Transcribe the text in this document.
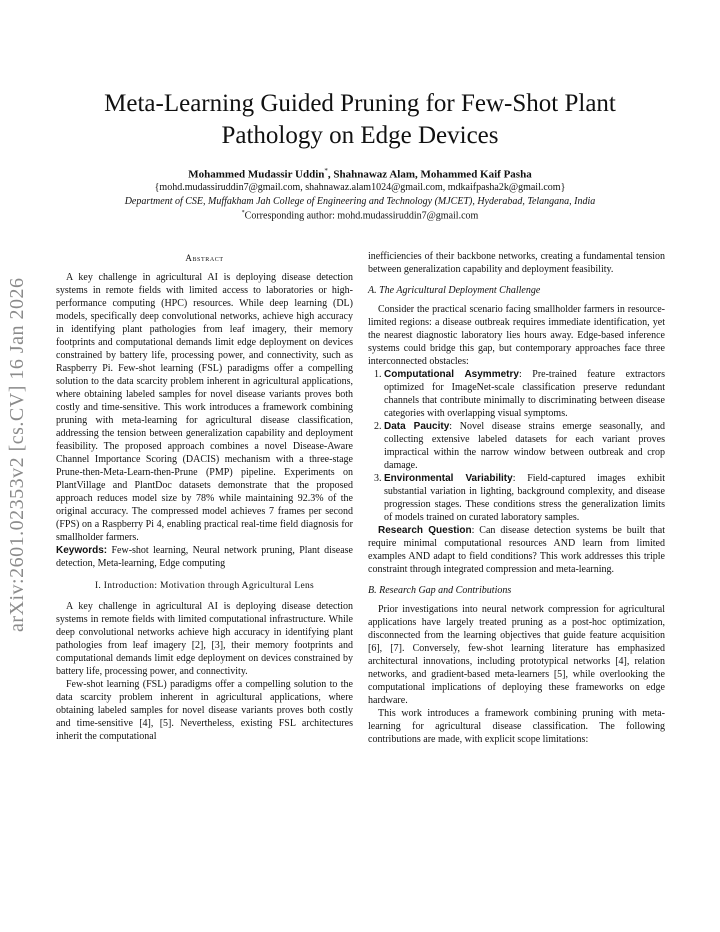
arXiv:2601.02353v2 [cs.CV] 16 Jan 2026
Meta-Learning Guided Pruning for Few-Shot Plant Pathology on Edge Devices
Mohammed Mudassir Uddin*, Shahnawaz Alam, Mohammed Kaif Pasha
{mohd.mudassiruddin7@gmail.com, shahnawaz.alam1024@gmail.com, mdkaifpasha2k@gmail.com}
Department of CSE, Muffakham Jah College of Engineering and Technology (MJCET), Hyderabad, Telangana, India
*Corresponding author: mohd.mudassiruddin7@gmail.com
Abstract

A key challenge in agricultural AI is deploying disease detection systems in remote fields with limited access to laboratories or high-performance computing (HPC) resources. While deep learning (DL) models, specifically deep convolutional networks, achieve high accuracy in identifying plant pathologies from leaf imagery, their memory footprints and computational demands limit edge deployment on devices constrained by battery life, processing power, and connectivity, such as Raspberry Pi. Few-shot learning (FSL) paradigms offer a compelling solution to the data scarcity problem inherent in agricultural applications, where obtaining labeled samples for novel disease variants proves both costly and time-sensitive. This work introduces a framework combining pruning with meta-learning for agricultural disease classification, addressing the tension between generalization capability and deployment feasibility. The proposed approach combines a novel Disease-Aware Channel Importance Scoring (DACIS) mechanism with a three-stage Prune-then-Meta-Learn-then-Prune (PMP) pipeline. Experiments on PlantVillage and PlantDoc datasets demonstrate that the proposed approach reduces model size by 78% while maintaining 92.3% of the original accuracy. The compressed model achieves 7 frames per second (FPS) on a Raspberry Pi 4, enabling practical real-time field diagnosis for smallholder farmers.

Keywords: Few-shot learning, Neural network pruning, Plant disease detection, Meta-learning, Edge computing

I. Introduction: Motivation through Agricultural Lens

A key challenge in agricultural AI is deploying disease detection systems in remote fields with limited computational infrastructure. While deep convolutional networks achieve high accuracy in identifying plant pathologies from leaf imagery [2], [3], their memory footprints and computational demands limit edge deployment on devices constrained by battery life, processing power, and connectivity.

Few-shot learning (FSL) paradigms offer a compelling solution to the data scarcity problem inherent in agricultural applications, where obtaining labeled samples for novel disease variants proves both costly and time-sensitive [4], [5]. Nevertheless, existing FSL architectures inherit the computational

inefficiencies of their backbone networks, creating a fundamental tension between generalization capability and deployment feasibility.

A. The Agricultural Deployment Challenge

Consider the practical scenario facing smallholder farmers in resource-limited regions: a disease outbreak requires immediate identification, yet the nearest diagnostic laboratory lies hours away. Edge-based inference systems could bridge this gap, but contemporary approaches face three interconnected obstacles:

1. Computational Asymmetry: Pre-trained feature extractors optimized for ImageNet-scale classification preserve redundant channels that contribute minimally to discriminating between disease categories with overlapping visual symptoms.
2. Data Paucity: Novel disease strains emerge seasonally, and collecting extensive labeled datasets for each variant proves impractical within the narrow window between outbreak and crop damage.
3. Environmental Variability: Field-captured images exhibit substantial variation in lighting, background complexity, and disease progression stages. These conditions stress the generalization limits of models trained on curated laboratory samples.

Research Question: Can disease detection systems be built that require minimal computational resources AND learn from limited examples AND adapt to field conditions? This work addresses this triple constraint through integrated compression and meta-learning.

B. Research Gap and Contributions

Prior investigations into neural network compression for agricultural applications have largely treated pruning as a post-hoc optimization, disconnected from the learning objectives that guide feature acquisition [6], [7]. Conversely, few-shot learning literature has emphasized architectural innovations, including prototypical networks [4], relation networks, and gradient-based meta-learners [5], while overlooking the computational implications of deploying these frameworks on edge hardware.

This work introduces a framework combining pruning with meta-learning for agricultural disease classification. The following contributions are made, with explicit scope limitations:
